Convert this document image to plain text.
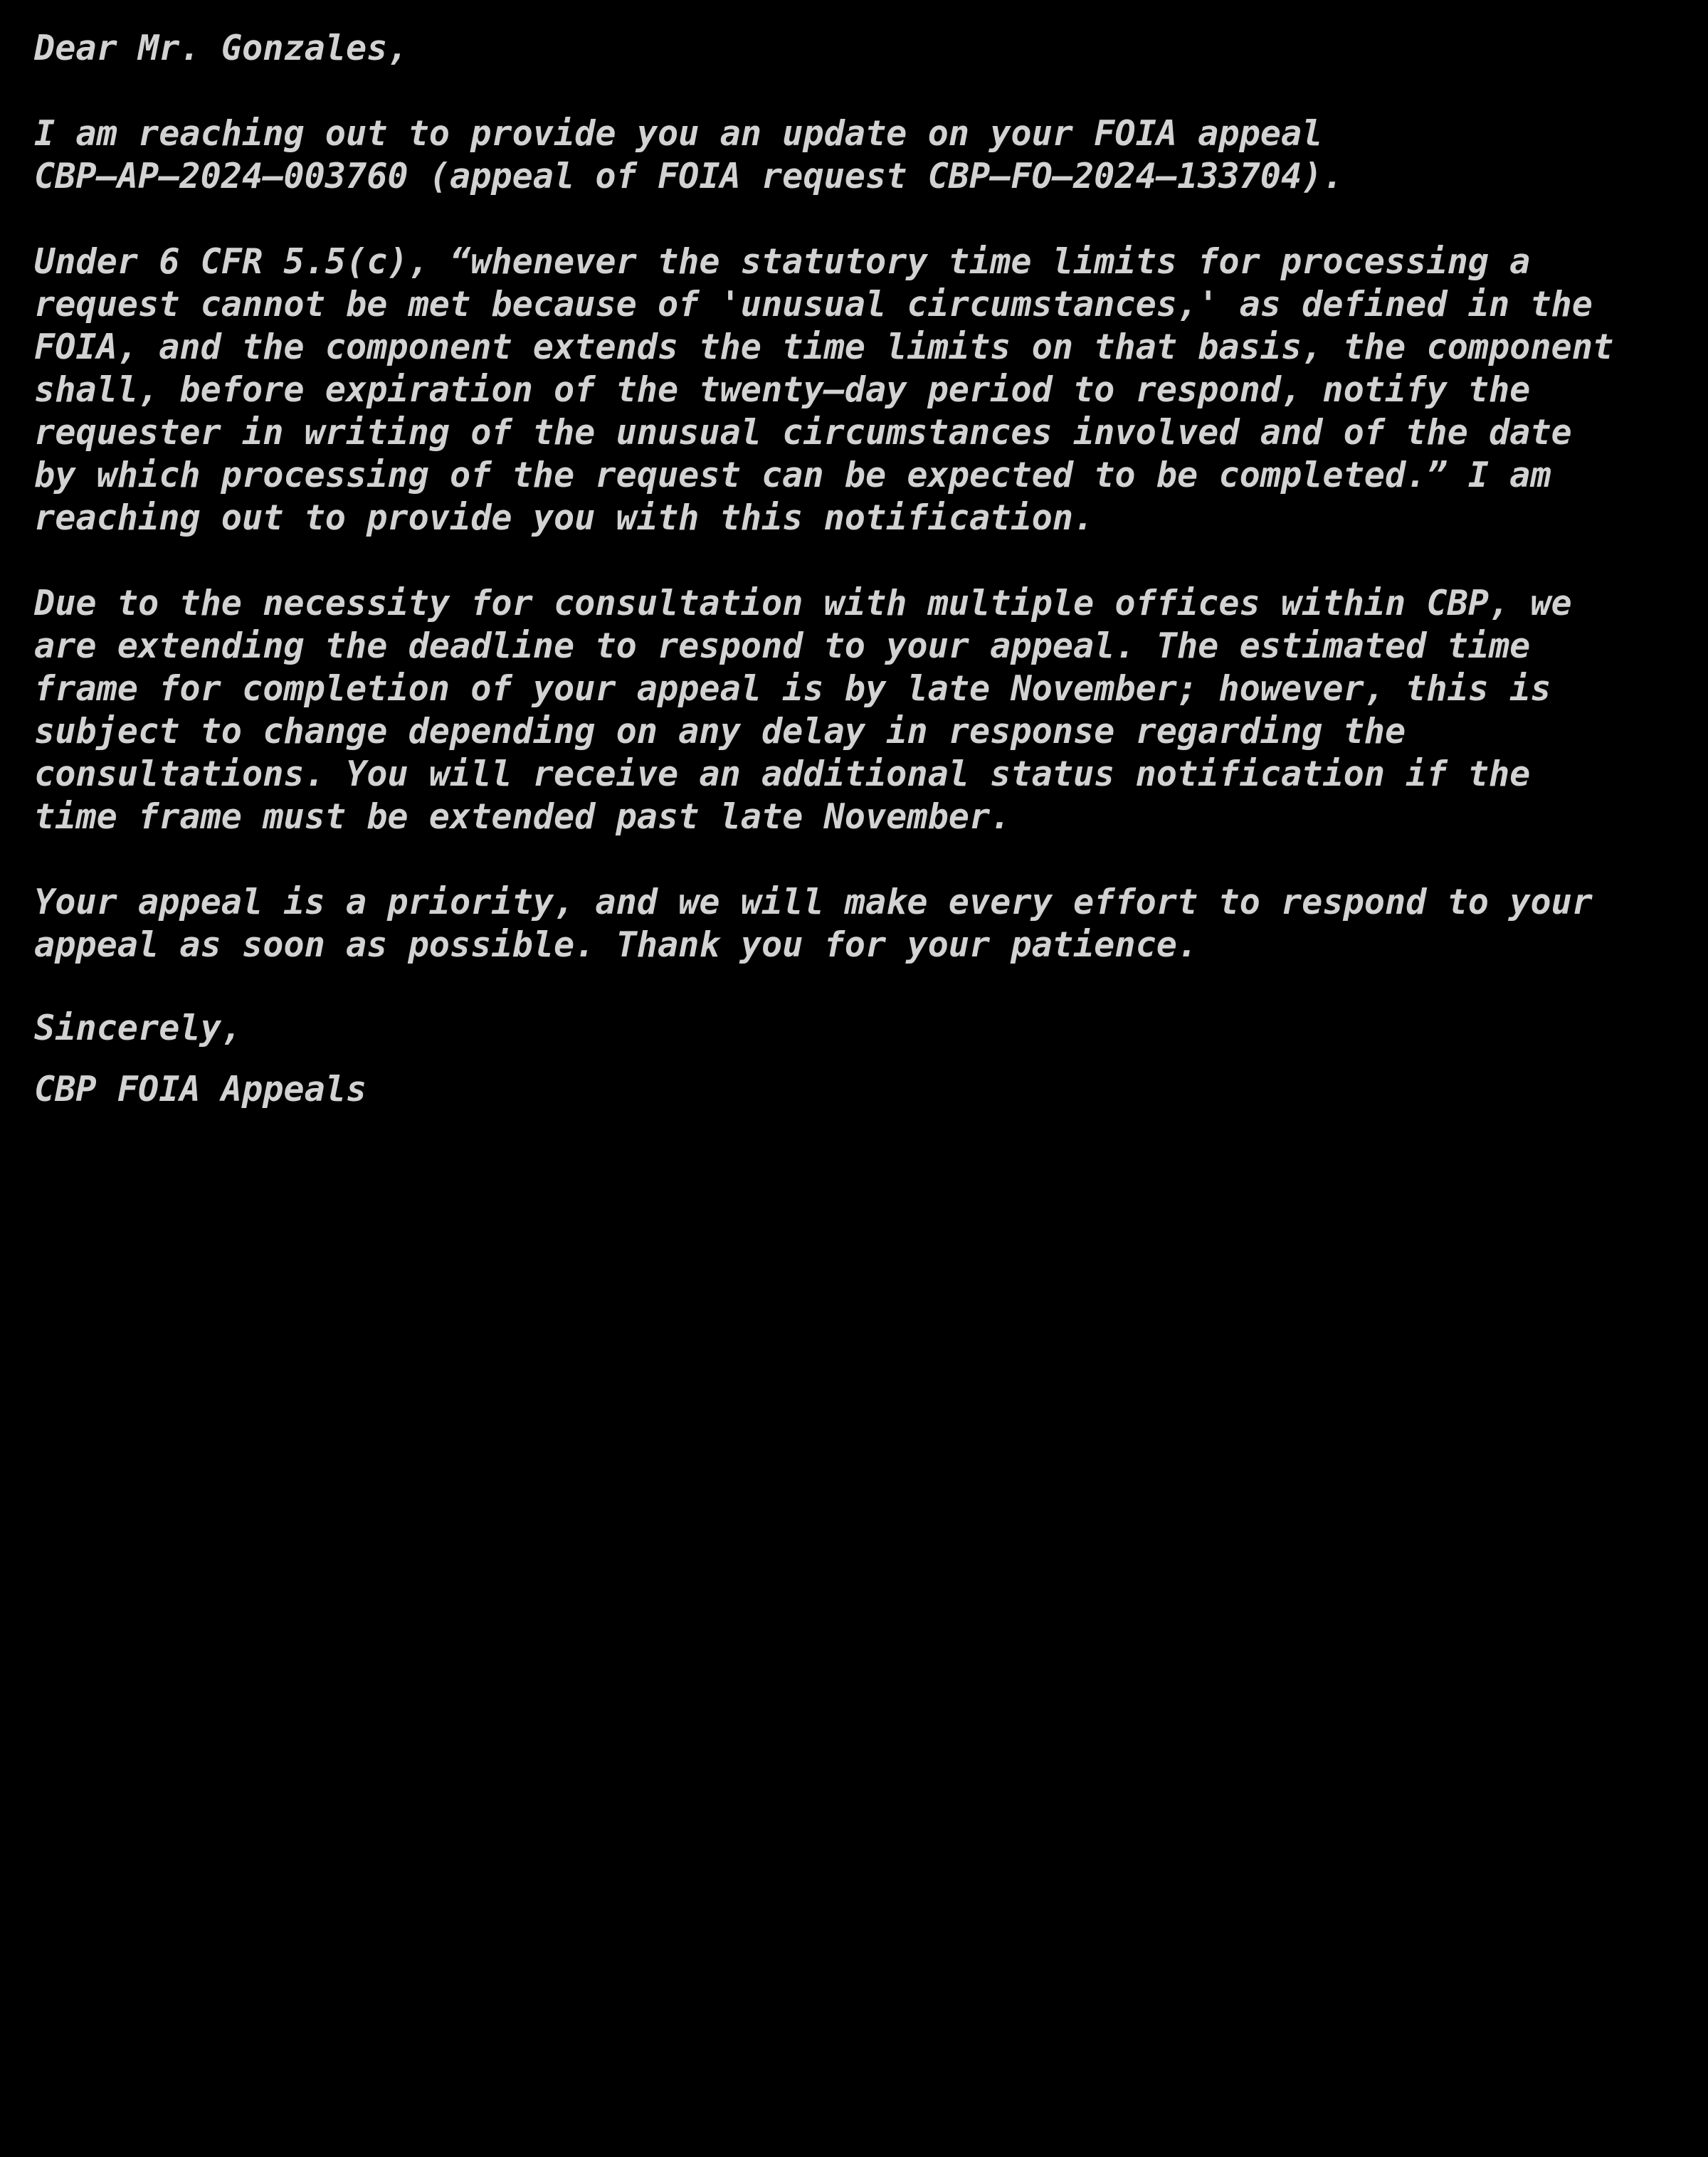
Dear Mr. Gonzales,
I am reaching out to provide you an update on your FOIA appeal
CBP–AP–2024–003760 (appeal of FOIA request CBP–FO–2024–133704).
Under 6 CFR 5.5(c), “whenever the statutory time limits for processing a
request cannot be met because of 'unusual circumstances,' as defined in the
FOIA, and the component extends the time limits on that basis, the component
shall, before expiration of the twenty–day period to respond, notify the
requester in writing of the unusual circumstances involved and of the date
by which processing of the request can be expected to be completed.” I am
reaching out to provide you with this notification.
Due to the necessity for consultation with multiple offices within CBP, we
are extending the deadline to respond to your appeal. The estimated time
frame for completion of your appeal is by late November; however, this is
subject to change depending on any delay in response regarding the
consultations. You will receive an additional status notification if the
time frame must be extended past late November.
Your appeal is a priority, and we will make every effort to respond to your
appeal as soon as possible. Thank you for your patience.
Sincerely,
CBP FOIA Appeals
